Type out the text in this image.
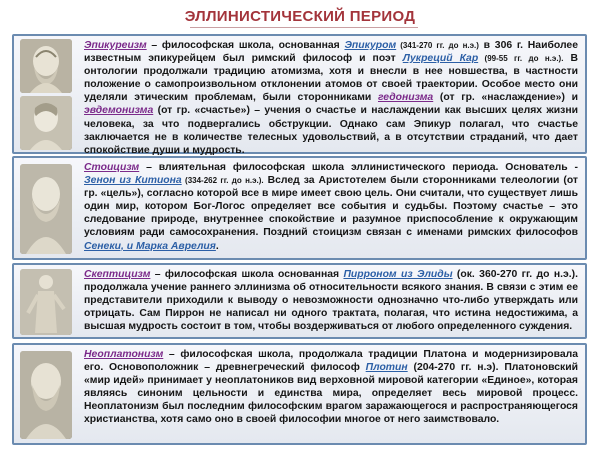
ЭЛЛИНИСТИЧЕСКИЙ ПЕРИОД
Эпикуреизм – философская школа, основанная Эпикуром (341-270 гг. до н.э.) в 306 г. Наиболее известным эпикурейцем был римский философ и поэт Лукреций Кар (99-55 гг. до н.э.). В онтологии продолжали традицию атомизма, хотя и внесли в нее новшества, в частности положение о самопроизвольном отклонении атомов от своей траектории. Особое место они уделяли этическим проблемам, были сторонниками гедонизма (от гр. «наслаждение») и эвдемонизма (от гр. «счастье») – учения о счастье и наслаждении как высших целях жизни человека, за что подвергались обструкции. Однако сам Эпикур полагал, что счастье заключается не в количестве телесных удовольствий, а в отсутствии страданий, что дает спокойствие души и мудрость.
Стоицизм – влиятельная философская школа эллинистического периода. Основатель - Зенон из Китиона (334-262 гг. до н.э.). Вслед за Аристотелем были сторонниками телеологии (от гр. «цель»), согласно которой все в мире имеет свою цель. Они считали, что существует лишь один мир, котором Бог-Логос определяет все события и судьбы. Поэтому счастье – это следование природе, внутреннее спокойствие и разумное приспособление к окружающим условиям ради самосохранения. Поздний стоицизм связан с именами римских философов Сенеки, и Марка Аврелия.
Скептицизм – философская школа основанная Пирроном из Элиды (ок. 360-270 гг. до н.э.). продолжала учение раннего эллинизма об относительности всякого знания. В связи с этим ее представители приходили к выводу о невозможности однозначно что-либо утверждать или отрицать. Сам Пиррон не написал ни одного трактата, полагая, что истина недостижима, а высшая мудрость состоит в том, чтобы воздерживаться от любого определенного суждения.
Неоплатонизм – философская школа, продолжала традиции Платона и модернизировала его. Основоположник – древнегреческий философ Плотин (204-270 гг. н.э). Платоновский «мир идей» принимает у неоплатоников вид верховной мировой категории «Единое», которая являясь синоним цельности и единства мира, определяет весь мировой процесс. Неоплатонизм был последним философским врагом заражающегося и распространяющегося христианства, хотя само оно в своей философии многое от него заимствовало.
